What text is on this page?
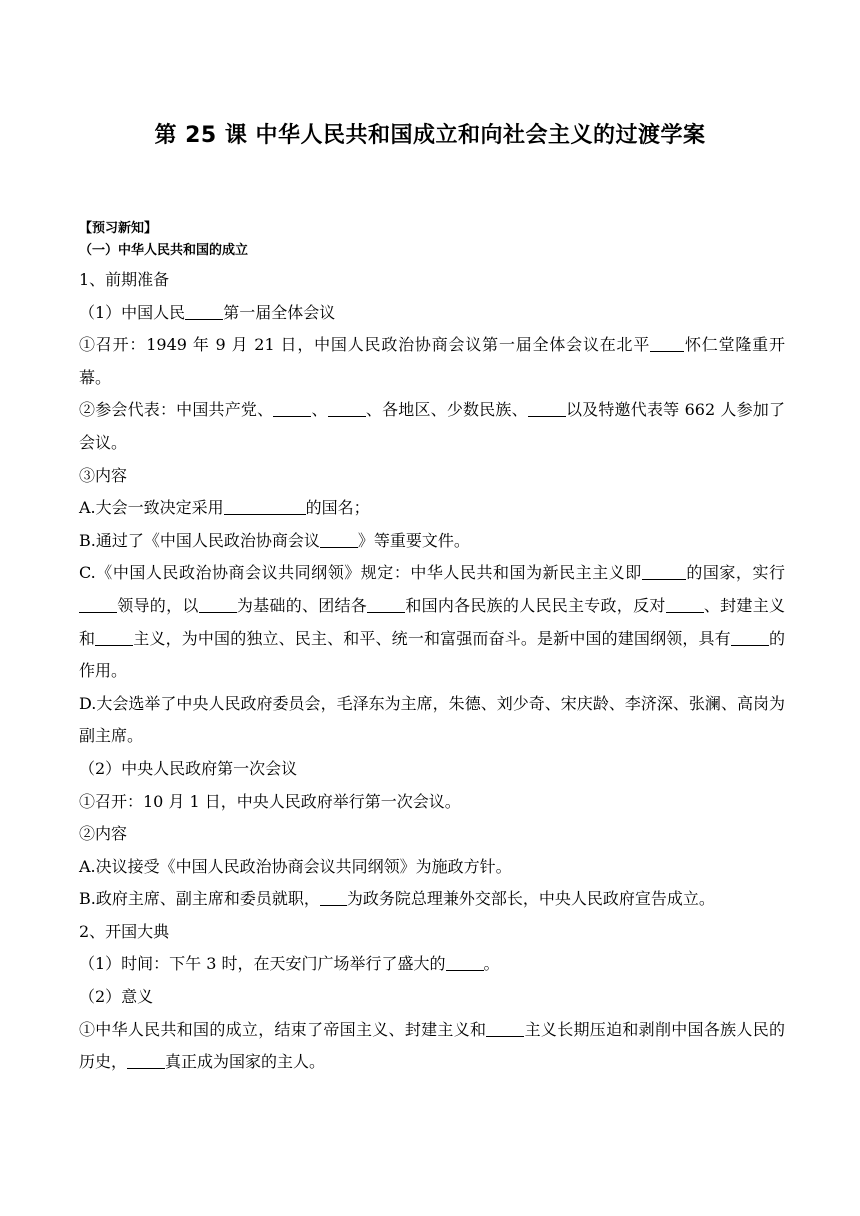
第 25 课 中华人民共和国成立和向社会主义的过渡学案
【预习新知】
（一）中华人民共和国的成立

1、前期准备

（1）中国人民 第一届全体会议

①召开：1949 年 9 月 21 日，中国人民政治协商会议第一届全体会议在北平 怀仁堂隆重开幕。

②参会代表：中国共产党、 、 、各地区、少数民族、 以及特邀代表等 662 人参加了会议。

③内容

A.大会一致决定采用	的国名；

B.通过了《中国人民政治协商会议 》等重要文件。

C.《中国人民政治协商会议共同纲领》规定：中华人民共和国为新民主主义即	的国家，实行领导的，以 为基础的、团结各 和国内各民族的人民民主专政，反对 、封建主义和 主义，为中国的独立、民主、和平、统一和富强而奋斗。是新中国的建国纲领，具有 的作用。

D.大会选举了中央人民政府委员会，毛泽东为主席，朱德、刘少奇、宋庆龄、李济深、张澜、高岗为副主席。

（2）中央人民政府第一次会议

①召开：10 月 1 日，中央人民政府举行第一次会议。

②内容

A.决议接受《中国人民政治协商会议共同纲领》为施政方针。

B.政府主席、副主席和委员就职， 为政务院总理兼外交部长，中央人民政府宣告成立。

2、开国大典

（1）时间：下午 3 时，在天安门广场举行了盛大的 。

（2）意义

①中华人民共和国的成立，结束了帝国主义、封建主义和 主义长期压迫和剥削中国各族人民的历史， 真正成为国家的主人。
